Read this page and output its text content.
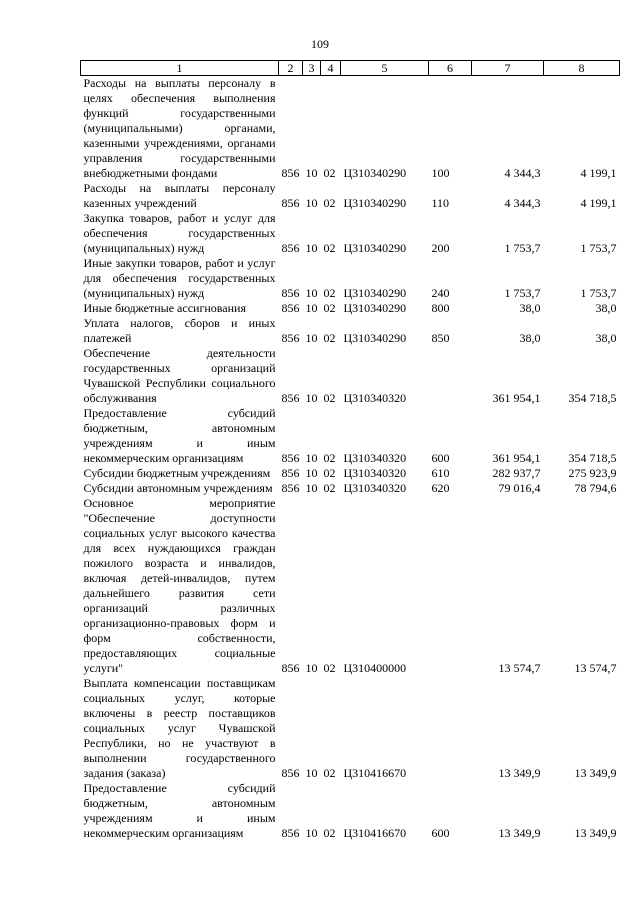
109
1	2	3	4	5	6	7	8
Расходы на выплаты персоналу в целях обеспечения выполнения функций государственными (муниципальными) органами, казенными учреждениями, органами управления государственными внебюджетными фондами	856	10	02	Ц310340290	100	4 344,3	4 199,1
Расходы на выплаты персоналу казенных учреждений	856	10	02	Ц310340290	110	4 344,3	4 199,1
Закупка товаров, работ и услуг для обеспечения государственных (муниципальных) нужд	856	10	02	Ц310340290	200	1 753,7	1 753,7
Иные закупки товаров, работ и услуг для обеспечения государственных (муниципальных) нужд	856	10	02	Ц310340290	240	1 753,7	1 753,7
Иные бюджетные ассигнования	856	10	02	Ц310340290	800	38,0	38,0
Уплата налогов, сборов и иных платежей	856	10	02	Ц310340290	850	38,0	38,0
Обеспечение деятельности государственных организаций Чувашской Республики социального обслуживания	856	10	02	Ц310340320		361 954,1	354 718,5
Предоставление субсидий бюджетным, автономным учреждениям и иным некоммерческим организациям	856	10	02	Ц310340320	600	361 954,1	354 718,5
Субсидии бюджетным учреждениям	856	10	02	Ц310340320	610	282 937,7	275 923,9
Субсидии автономным учреждениям	856	10	02	Ц310340320	620	79 016,4	78 794,6
Основное мероприятие "Обеспечение доступности социальных услуг высокого качества для всех нуждающихся граждан пожилого возраста и инвалидов, включая детей-инвалидов, путем дальнейшего развития сети организаций различных организационно-правовых форм и форм собственности, предоставляющих социальные услуги"	856	10	02	Ц310400000		13 574,7	13 574,7
Выплата компенсации поставщикам социальных услуг, которые включены в реестр поставщиков социальных услуг Чувашской Республики, но не участвуют в выполнении государственного задания (заказа)	856	10	02	Ц310416670		13 349,9	13 349,9
Предоставление субсидий бюджетным, автономным учреждениям и иным некоммерческим организациям	856	10	02	Ц310416670	600	13 349,9	13 349,9
